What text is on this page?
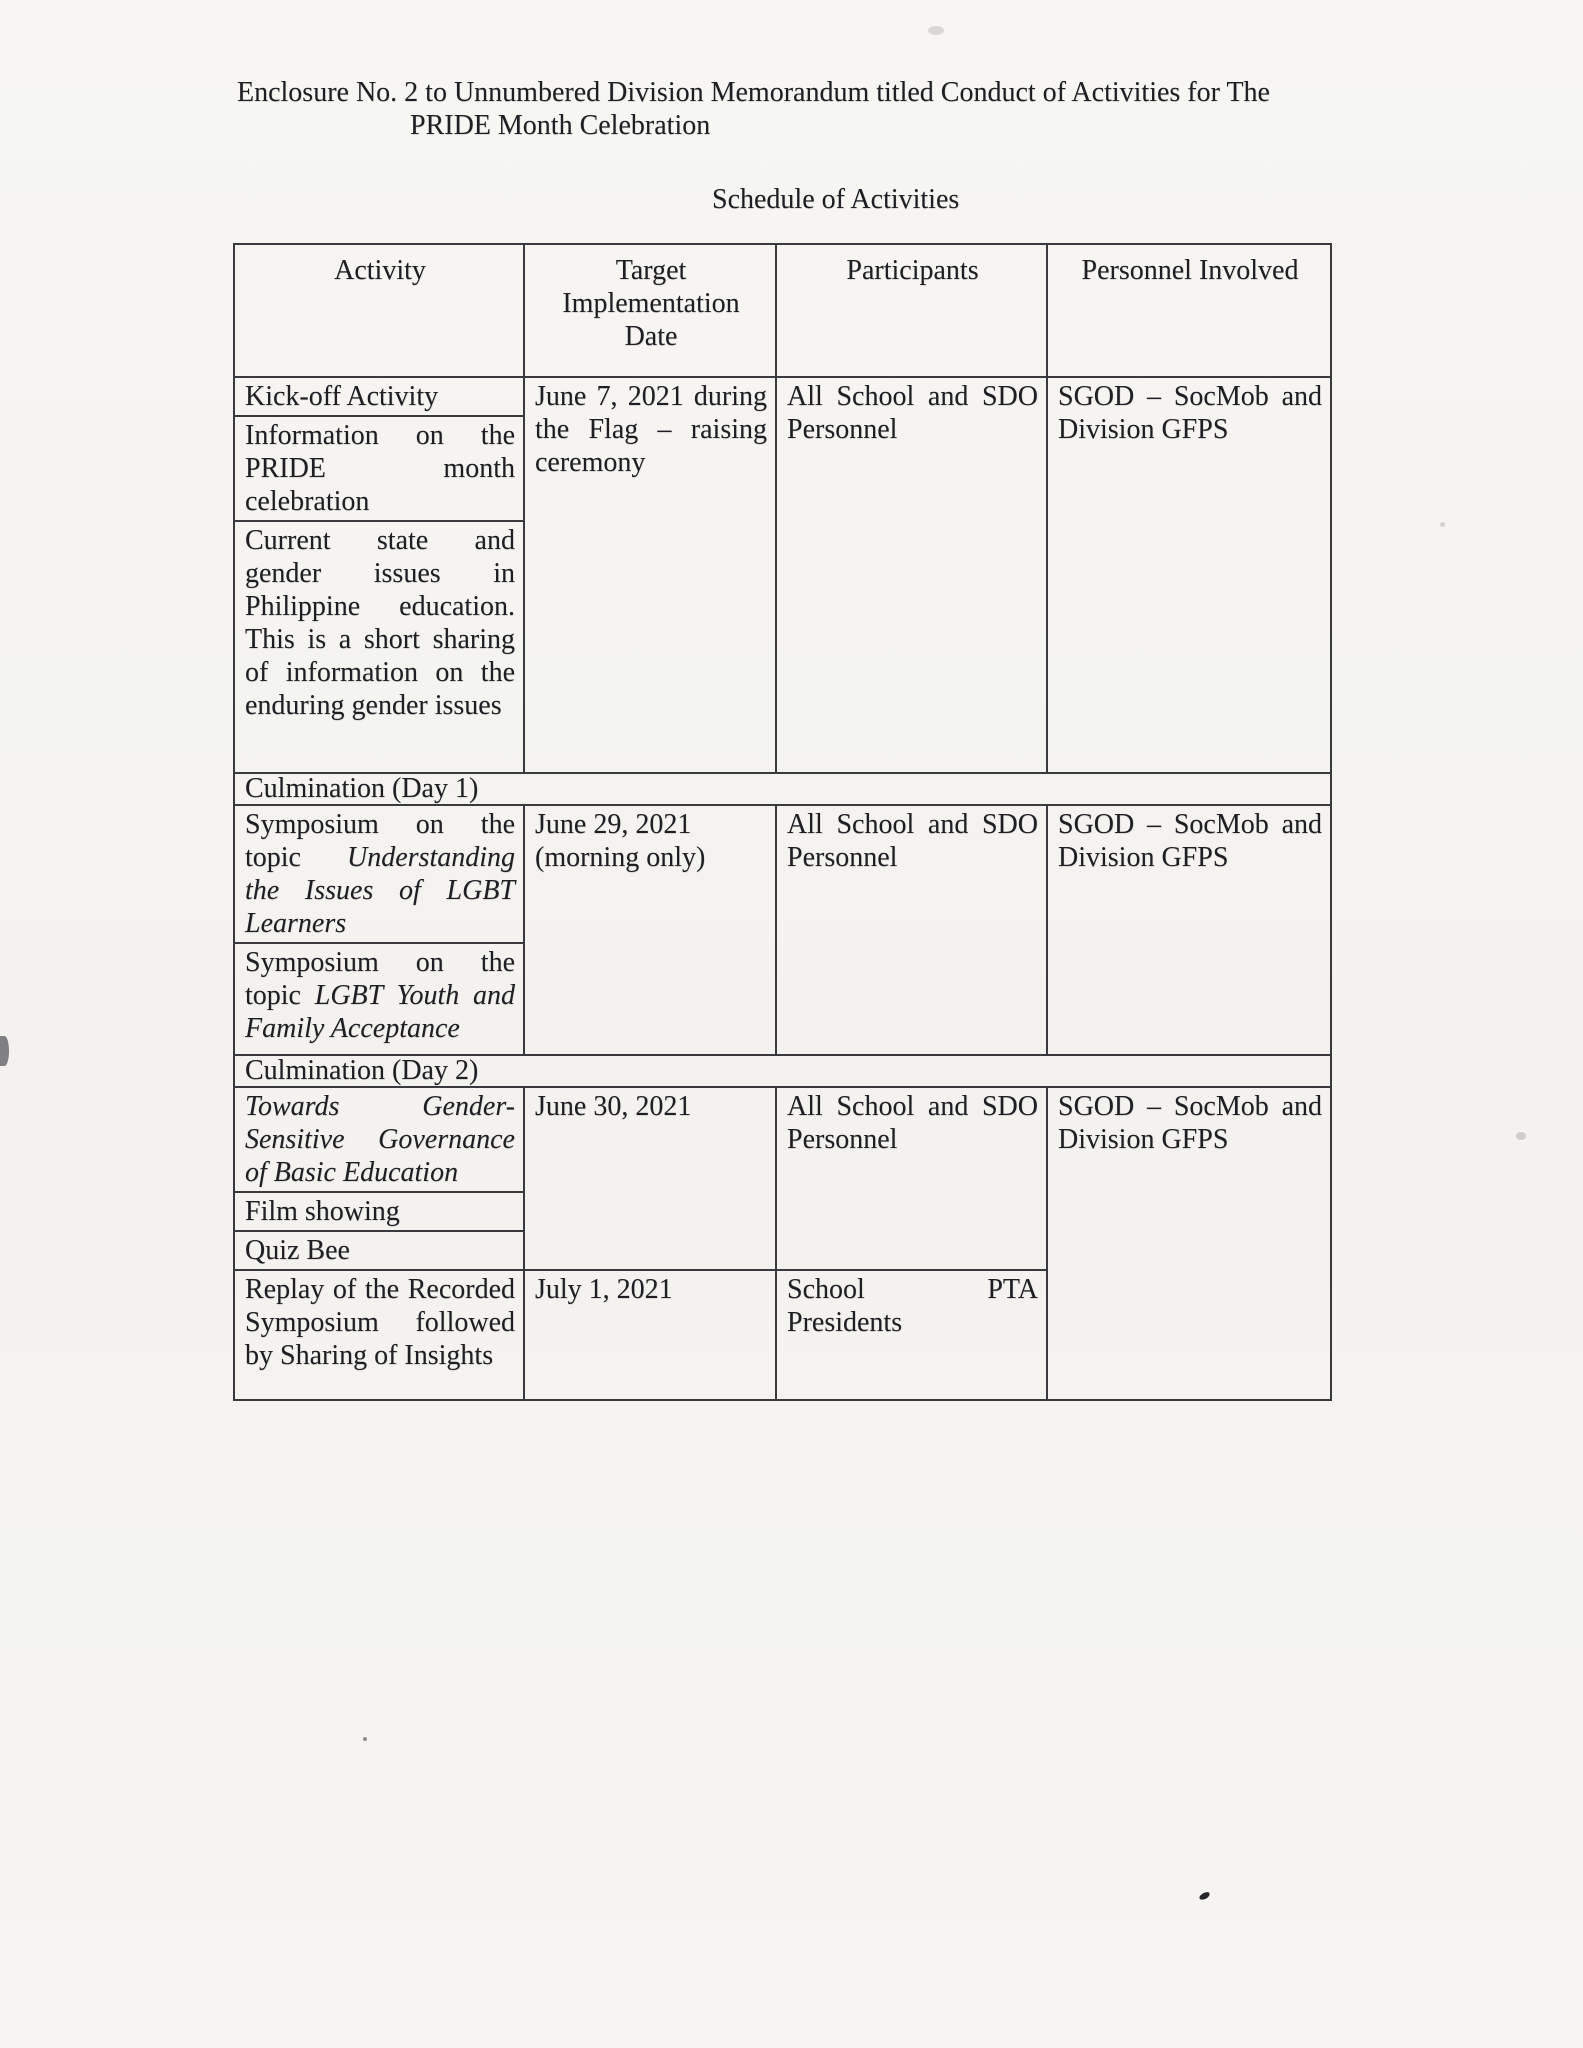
Enclosure No. 2 to Unnumbered Division Memorandum titled Conduct of Activities for The
PRIDE Month Celebration
Schedule of Activities
Activity	Target Implementation Date	Participants	Personnel Involved
Kick-off Activity	June 7, 2021 during the Flag – raising ceremony	All School and SDO Personnel	SGOD – SocMob and Division GFPS
Information on the PRIDE month celebration			
Current state and gender issues in Philippine education. This is a short sharing of information on the enduring gender issues			
Culmination (Day 1)			
Symposium on the topic Understanding the Issues of LGBT Learners	June 29, 2021 (morning only)	All School and SDO Personnel	SGOD – SocMob and Division GFPS
Symposium on the topic LGBT Youth and Family Acceptance			
Culmination (Day 2)			
Towards Gender-Sensitive Governance of Basic Education	June 30, 2021	All School and SDO Personnel	SGOD – SocMob and Division GFPS
Film showing			
Quiz Bee			
Replay of the Recorded Symposium followed by Sharing of Insights	July 1, 2021	School PTA Presidents	
